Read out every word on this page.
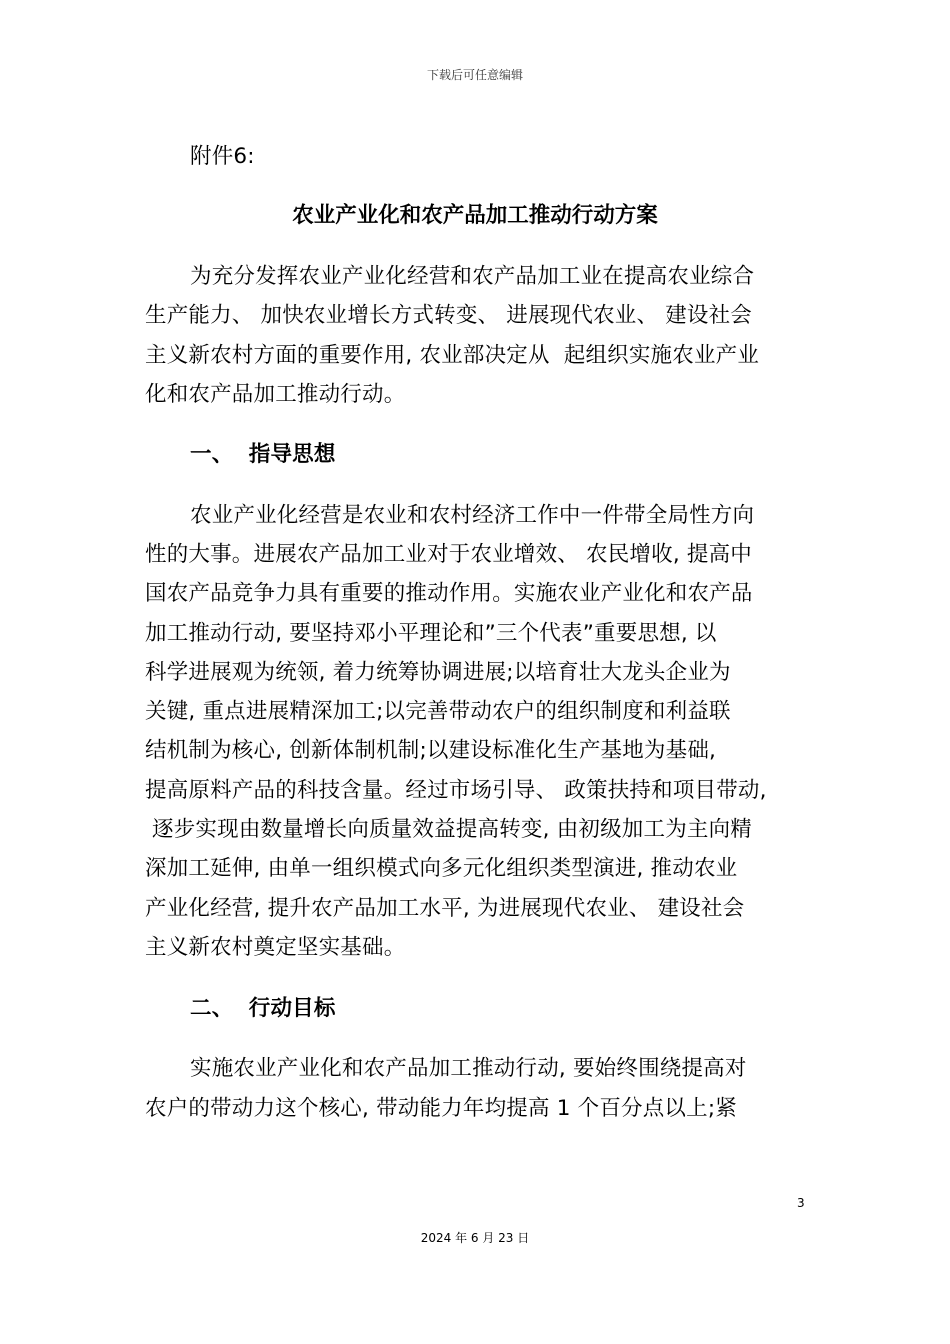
下载后可任意编辑
附件6:
农业产业化和农产品加工推动行动方案
为充分发挥农业产业化经营和农产品加工业在提高农业综合
生产能力、 加快农业增长方式转变、 进展现代农业、 建设社会
主义新农村方面的重要作用, 农业部决定从  起组织实施农业产业
化和农产品加工推动行动。
一、  指导思想
农业产业化经营是农业和农村经济工作中一件带全局性方向
性的大事。进展农产品加工业对于农业增效、 农民增收, 提高中
国农产品竞争力具有重要的推动作用。实施农业产业化和农产品
加工推动行动, 要坚持邓小平理论和”三个代表”重要思想, 以
科学进展观为统领, 着力统筹协调进展;以培育壮大龙头企业为
关键, 重点进展精深加工;以完善带动农户的组织制度和利益联
结机制为核心, 创新体制机制;以建设标准化生产基地为基础,
提高原料产品的科技含量。经过市场引导、 政策扶持和项目带动,
逐步实现由数量增长向质量效益提高转变, 由初级加工为主向精
深加工延伸, 由单一组织模式向多元化组织类型演进, 推动农业
产业化经营, 提升农产品加工水平, 为进展现代农业、 建设社会
主义新农村奠定坚实基础。
二、  行动目标
实施农业产业化和农产品加工推动行动, 要始终围绕提高对
农户的带动力这个核心, 带动能力年均提高 1 个百分点以上;紧
3
2024 年 6 月 23 日
